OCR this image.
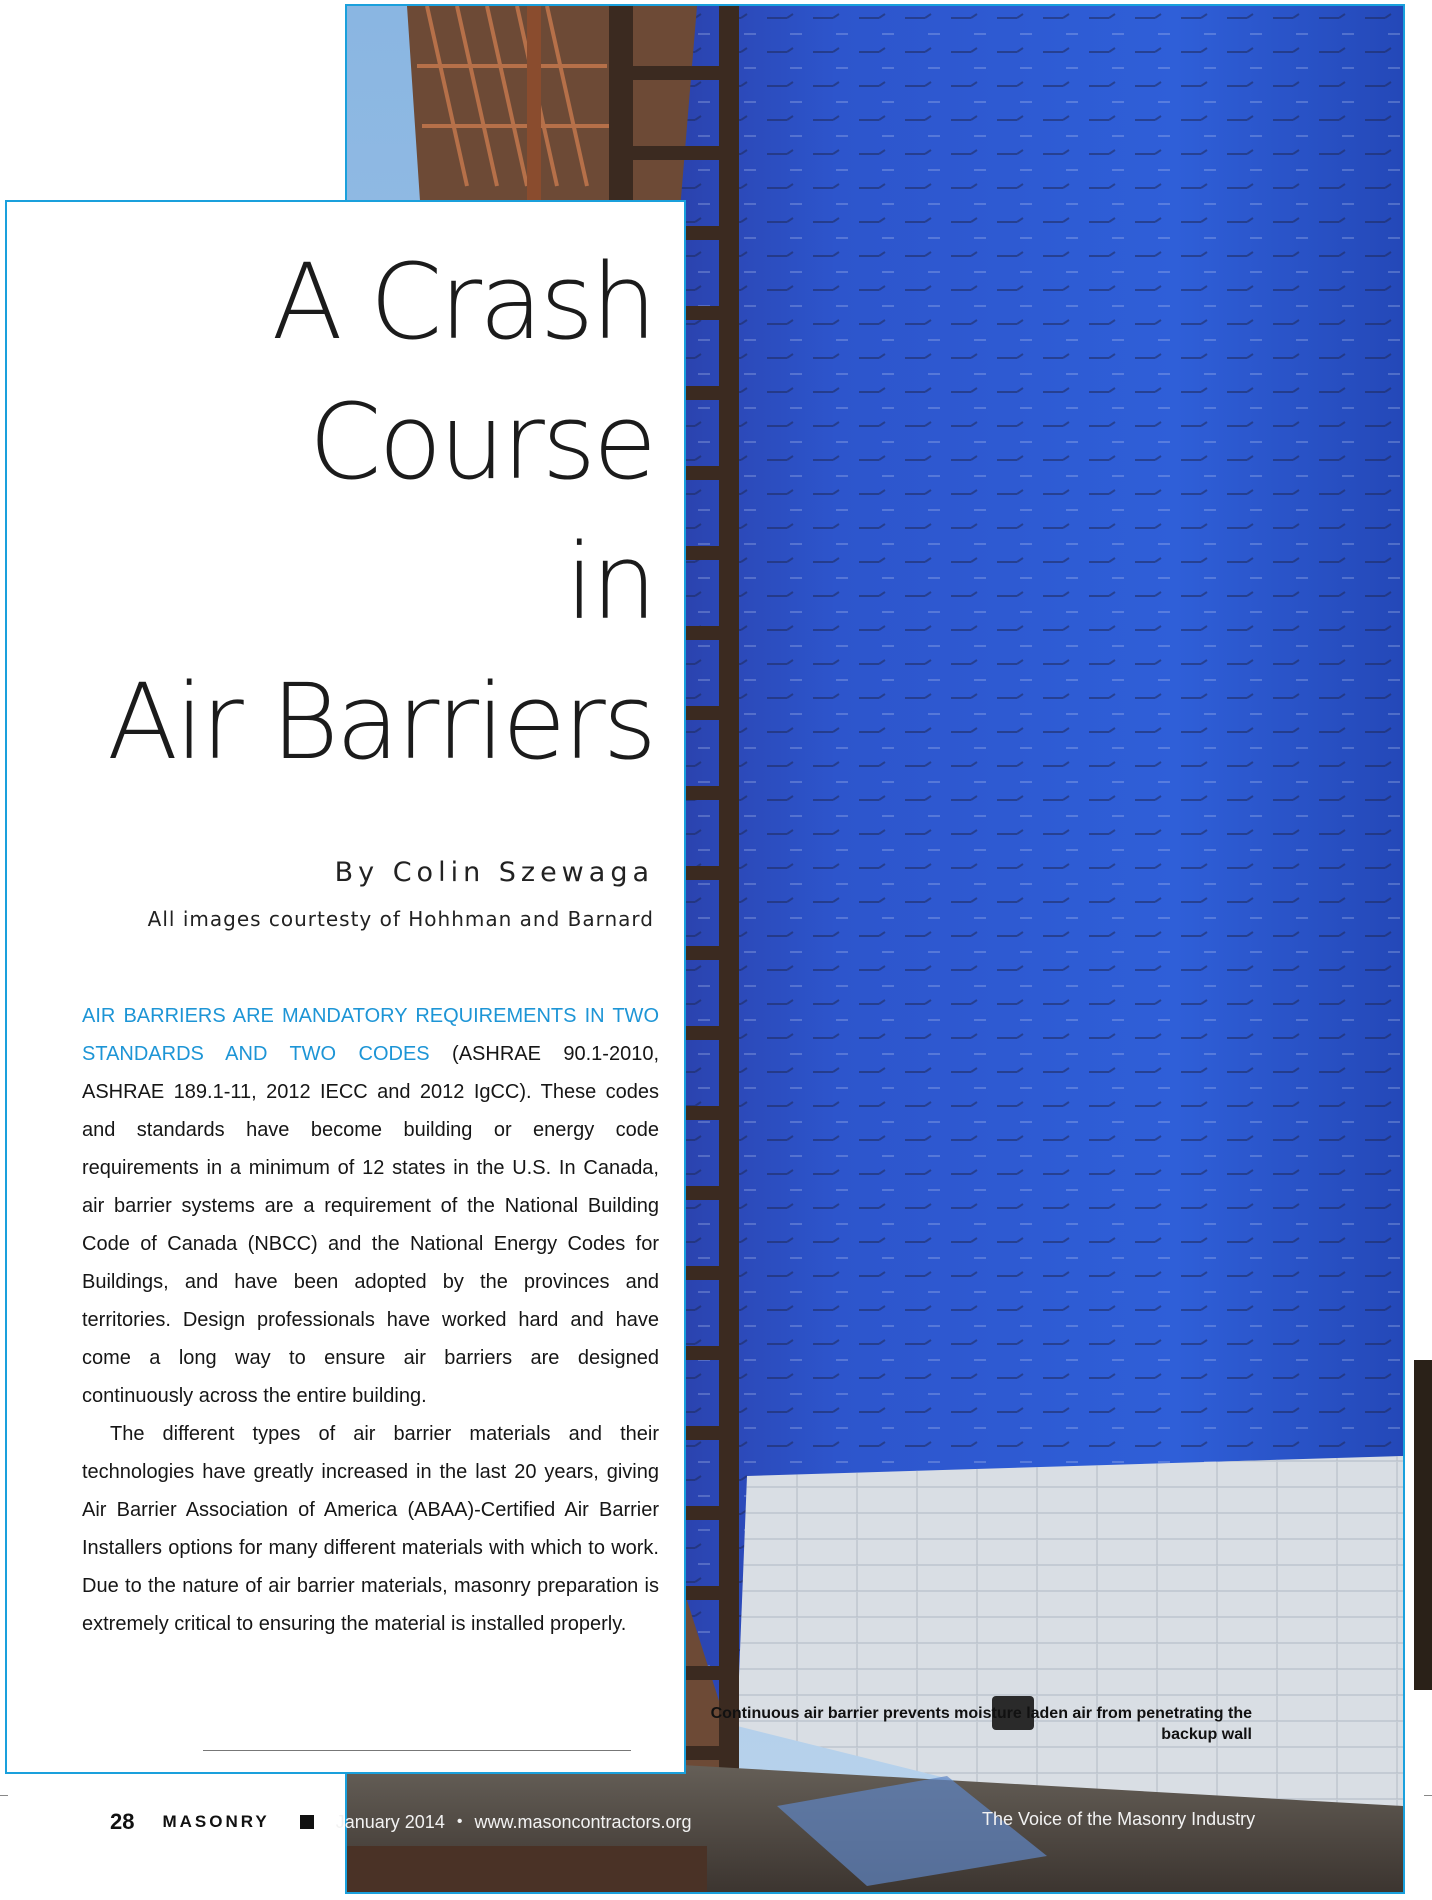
A Crash
Course
in
Air Barriers

By Colin Szewaga

All images courtesty of Hohhman and Barnard

AIR BARRIERS ARE MANDATORY REQUIREMENTS IN TWO STANDARDS AND TWO CODES (ASHRAE 90.1-2010, ASHRAE 189.1-11, 2012 IECC and 2012 IgCC). These codes and standards have become building or energy code requirements in a minimum of 12 states in the U.S. In Canada, air barrier systems are a requirement of the National Building Code of Canada (NBCC) and the National Energy Codes for Buildings, and have been adopted by the provinces and territories. Design professionals have worked hard and have come a long way to ensure air barriers are designed continuously across the entire building.

The different types of air barrier materials and their technologies have greatly increased in the last 20 years, giving Air Barrier Association of America (ABAA)-Certified Air Barrier Installers options for many different materials with which to work. Due to the nature of air barrier materials, masonry preparation is extremely critical to ensuring the material is installed properly.

Continuous air barrier prevents moisture laden air from penetrating the backup wall

28 MASONRY	January 2014 • www.masoncontractors.org	The Voice of the Masonry Industry
